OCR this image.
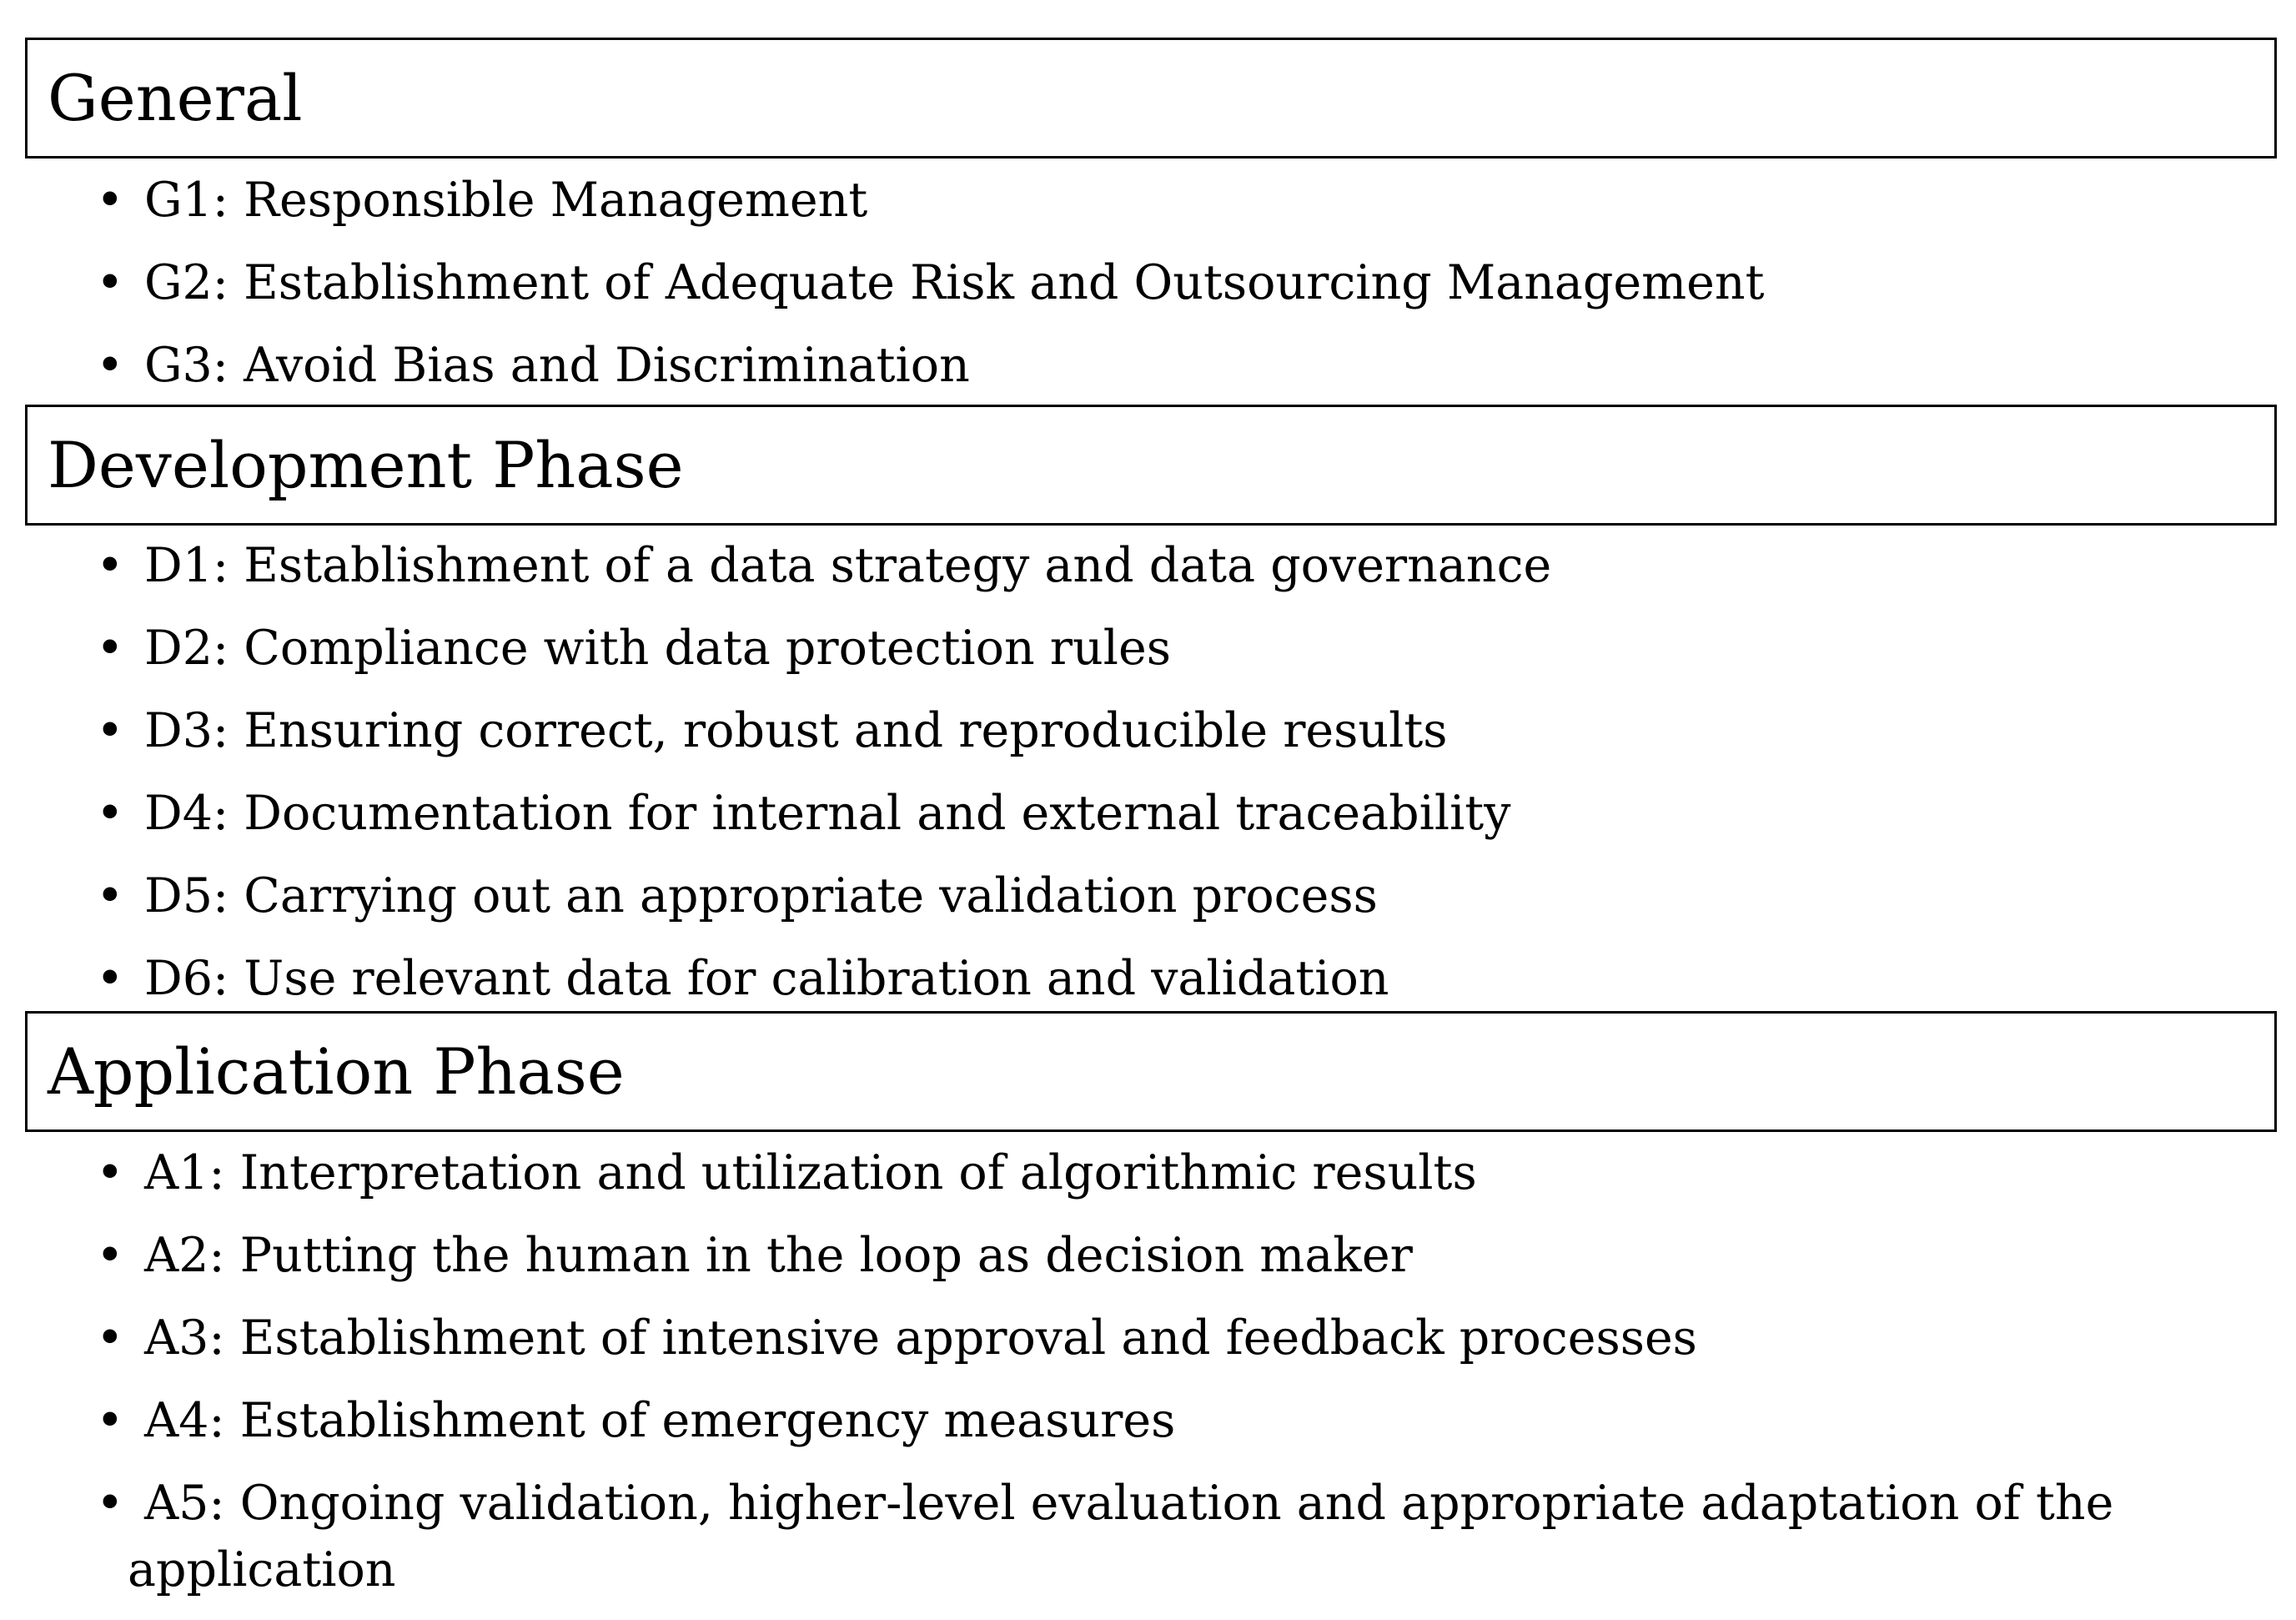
General
• G1: Responsible Management
• G2: Establishment of Adequate Risk and Outsourcing Management
• G3: Avoid Bias and Discrimination
Development Phase
• D1: Establishment of a data strategy and data governance
• D2: Compliance with data protection rules
• D3: Ensuring correct, robust and reproducible results
• D4: Documentation for internal and external traceability
• D5: Carrying out an appropriate validation process
• D6: Use relevant data for calibration and validation
Application Phase
• A1: Interpretation and utilization of algorithmic results
• A2: Putting the human in the loop as decision maker
• A3: Establishment of intensive approval and feedback processes
• A4: Establishment of emergency measures
• A5: Ongoing validation, higher-level evaluation and appropriate adaptation of the
application
